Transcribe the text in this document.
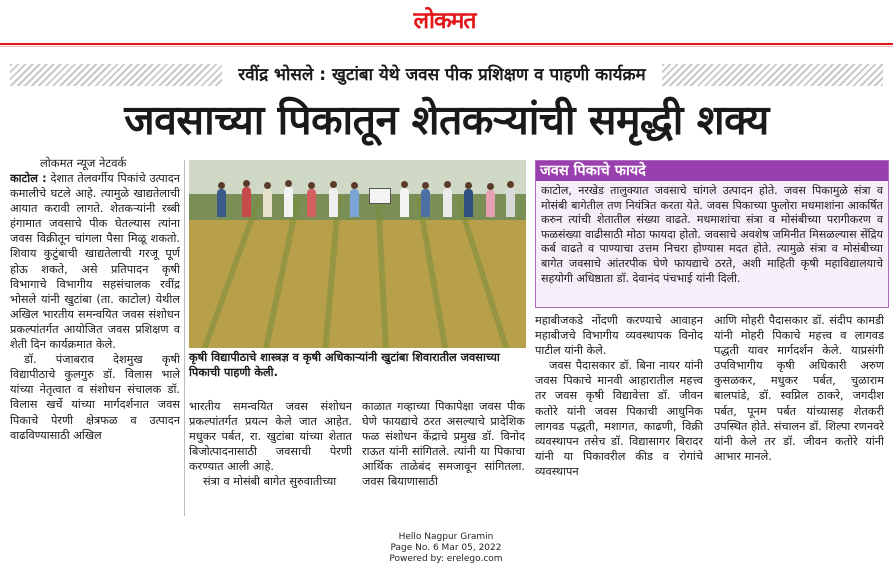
लोकमत
रवींद्र भोसले : खुटांबा येथे जवस पीक प्रशिक्षण व पाहणी कार्यक्रम
जवसाच्या पिकातून शेतकऱ्यांची समृद्धी शक्य
लोकमत न्यूज नेटवर्क

काटोल : देशात तेलवर्गीय पिकांचे उत्पादन कमालीचे घटले आहे. त्यामुळे खाद्यतेलाची आयात करावी लागते. शेतकऱ्यांनी रब्बी हंगामात जवसाचे पीक घेतल्यास त्यांना जवस विक्रीतून चांगला पैसा मिळू शकतो. शिवाय कुटुंबाची खाद्यतेलाची गरजू पूर्ण होऊ शकते, असे प्रतिपादन कृषी विभागाचे विभागीय सहसंचालक रवींद्र भोसले यांनी खुटांबा (ता. काटोल) येथील अखिल भारतीय समन्वयित जवस संशोधन प्रकल्पांतर्गत आयोजित जवस प्रशिक्षण व शेती दिन कार्यक्रमात केले.

डॉ. पंजाबराव देशमुख कृषी विद्यापीठाचे कुलगुरु डॉ. विलास भाले यांच्या नेतृत्वात व संशोधन संचालक डॉ. विलास खर्चे यांच्या मार्गदर्शनात जवस पिकाचे पेरणी क्षेत्रफळ व उत्पादन वाढविण्यासाठी अखिल

कृषी विद्यापीठाचे शास्त्रज्ञ व कृषी अधिकाऱ्यांनी खुटांबा शिवारातील जवसाच्या पिकाची पाहणी केली.

भारतीय समन्वयित जवस संशोधन प्रकल्पांतर्गत प्रयत्न केले जात आहेत. मधुकर पर्बत, रा. खुटांबा यांच्या शेतात बिजोत्पादनासाठी जवसाची पेरणी करण्यात आली आहे.

संत्रा व मोसंबी बागेत सुरुवातीच्या

काळात गव्हाच्या पिकापेक्षा जवस पीक घेणे फायद्याचे ठरत असल्याचे प्रादेशिक फळ संशोधन केंद्राचे प्रमुख डॉ. विनोद राऊत यांनी सांगितले. त्यांनी या पिकाचा आर्थिक ताळेबंद समजावून सांगितला. जवस बियाणासाठी

जवस पिकाचे फायदे
काटोल, नरखेड तालुक्यात जवसाचे चांगले उत्पादन होते. जवस पिकामुळे संत्रा व मोसंबी बागेतील तण नियंत्रित करता येते. जवस पिकाच्या फुलोरा मधमाशांना आकर्षित करुन त्यांची शेतातील संख्या वाढते. मधमाशांचा संत्रा व मोसंबीच्या परागीकरण व फळसंख्या वाढीसाठी मोठा फायदा होतो. जवसाचे अवशेष जमिनीत मिसळल्यास सेंद्रिय कर्ब वाढते व पाण्याचा उत्तम निचरा होण्यास मदत होते. त्यामुळे संत्रा व मोसंबीच्या बागेत जवसाचे आंतरपीक घेणे फायद्याचे ठरते, अशी माहिती कृषी महाविद्यालयाचे सहयोगी अधिष्ठाता डॉ. देवानंद पंचभाई यांनी दिली.

महाबीजकडे नोंदणी करण्याचे आवाहन महाबीजचे विभागीय व्यवस्थापक विनोद पाटील यांनी केले.

जवस पैदासकार डॉ. बिना नायर यांनी जवस पिकाचे मानवी आहारातील महत्त्व तर जवस कृषी विद्यावेत्ता डॉ. जीवन कतोरे यांनी जवस पिकाची आधुनिक लागवड पद्धती, मशागत, काढणी, विक्री व्यवस्थापन तसेच डॉ. विद्यासागर बिरादर यांनी या पिकावरील कीड व रोगांचे व्यवस्थापन

आणि मोहरी पैदासकार डॉ. संदीप कामडी यांनी मोहरी पिकाचे महत्त्व व लागवड पद्धती यावर मार्गदर्शन केले. याप्रसंगी उपविभागीय कृषी अधिकारी अरुण कुसळकर, मधुकर पर्बत, चुळाराम बालपांडे, डॉ. स्वप्निल ठाकरे, जगदीश पर्बत, पूनम पर्बत यांच्यासह शेतकरी उपस्थित होते. संचालन डॉ. शिल्पा रणनवरे यांनी केले तर डॉ. जीवन कतोरे यांनी आभार मानले.

Hello Nagpur Gramin
Page No. 6 Mar 05, 2022
Powered by: erelego.com
